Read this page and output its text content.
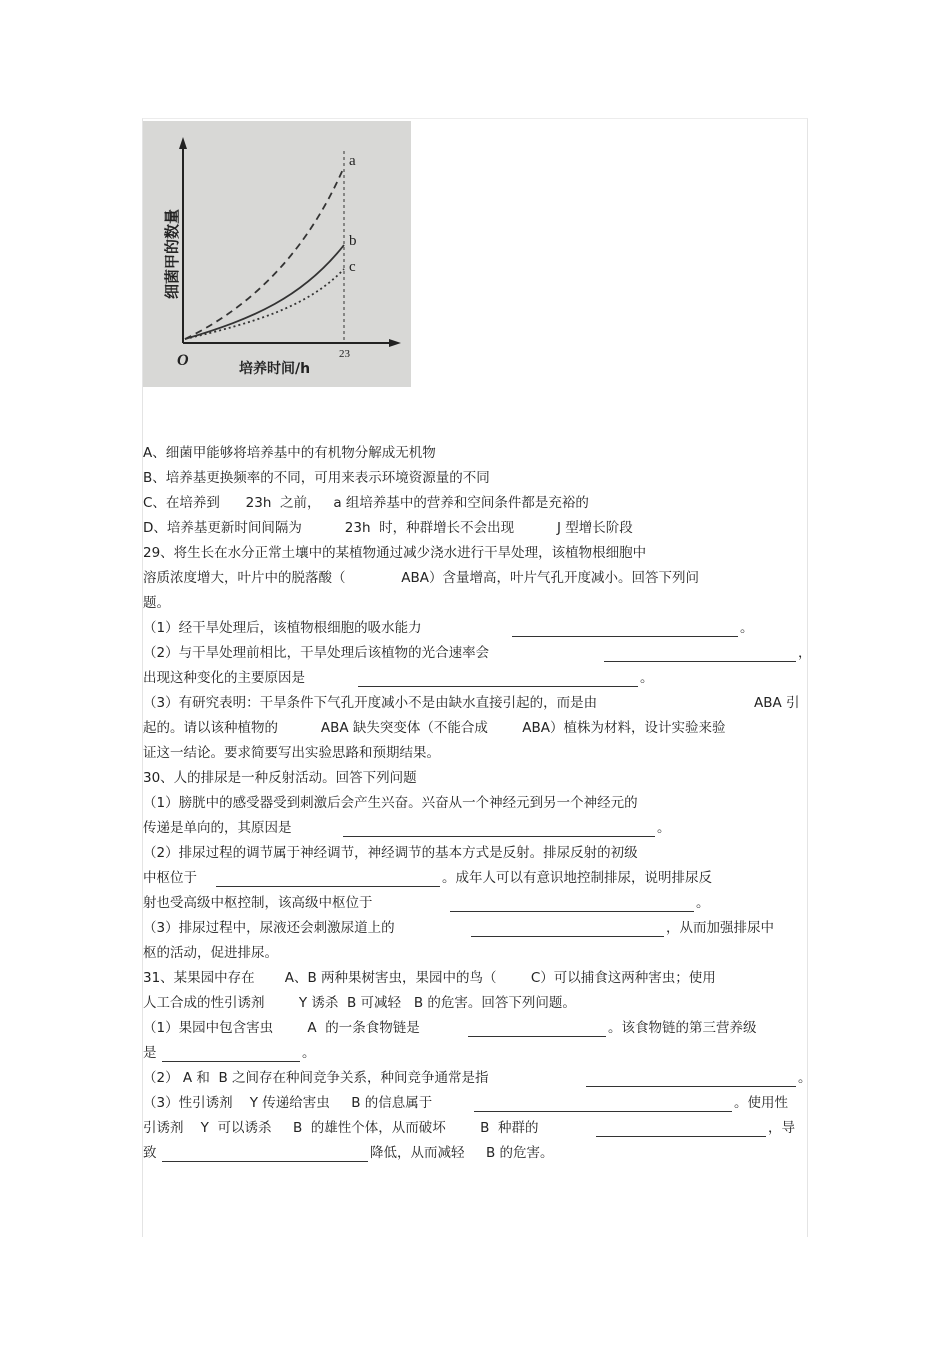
a
b
c
O	23
培养时间/h
细菌甲的数量
A、细菌甲能够将培养基中的有机物分解成无机物
B、培养基更换频率的不同，可用来表示环境资源量的不同
C、在培养到      23h  之前，   a 组培养基中的营养和空间条件都是充裕的
D、培养基更新时间间隔为          23h  时，种群增长不会出现          J 型增长阶段
29、将生长在水分正常土壤中的某植物通过减少浇水进行干旱处理，该植物根细胞中
溶质浓度增大，叶片中的脱落酸（             ABA）含量增高，叶片气孔开度减小。回答下列问
题。
（1）经干旱处理后，该植物根细胞的吸水能力	。
（2）与干旱处理前相比，干旱处理后该植物的光合速率会	，
出现这种变化的主要原因是	。
（3）有研究表明：干旱条件下气孔开度减小不是由缺水直接引起的，而是由	ABA 引
起的。请以该种植物的          ABA 缺失突变体（不能合成        ABA）植株为材料，设计实验来验
证这一结论。要求简要写出实验思路和预期结果。
30、人的排尿是一种反射活动。回答下列问题
（1）膀胱中的感受器受到刺激后会产生兴奋。兴奋从一个神经元到另一个神经元的
传递是单向的，其原因是	。
（2）排尿过程的调节属于神经调节，神经调节的基本方式是反射。排尿反射的初级
中枢位于	。成年人可以有意识地控制排尿，说明排尿反
射也受高级中枢控制，该高级中枢位于	。
（3）排尿过程中，尿液还会刺激尿道上的	，从而加强排尿中
枢的活动，促进排尿。
31、某果园中存在       A、B 两种果树害虫，果园中的鸟（        C）可以捕食这两种害虫；使用
人工合成的性引诱剂        Y 诱杀  B 可减轻   B 的危害。回答下列问题。
（1）果园中包含害虫        A  的一条食物链是	。该食物链的第三营养级
是	。
（2） A 和  B 之间存在种间竞争关系，种间竞争通常是指	。
（3）性引诱剂    Y 传递给害虫     B 的信息属于	。使用性
引诱剂    Y  可以诱杀     B  的雄性个体，从而破坏        B  种群的	，导
致	降低，从而减轻     B 的危害。
